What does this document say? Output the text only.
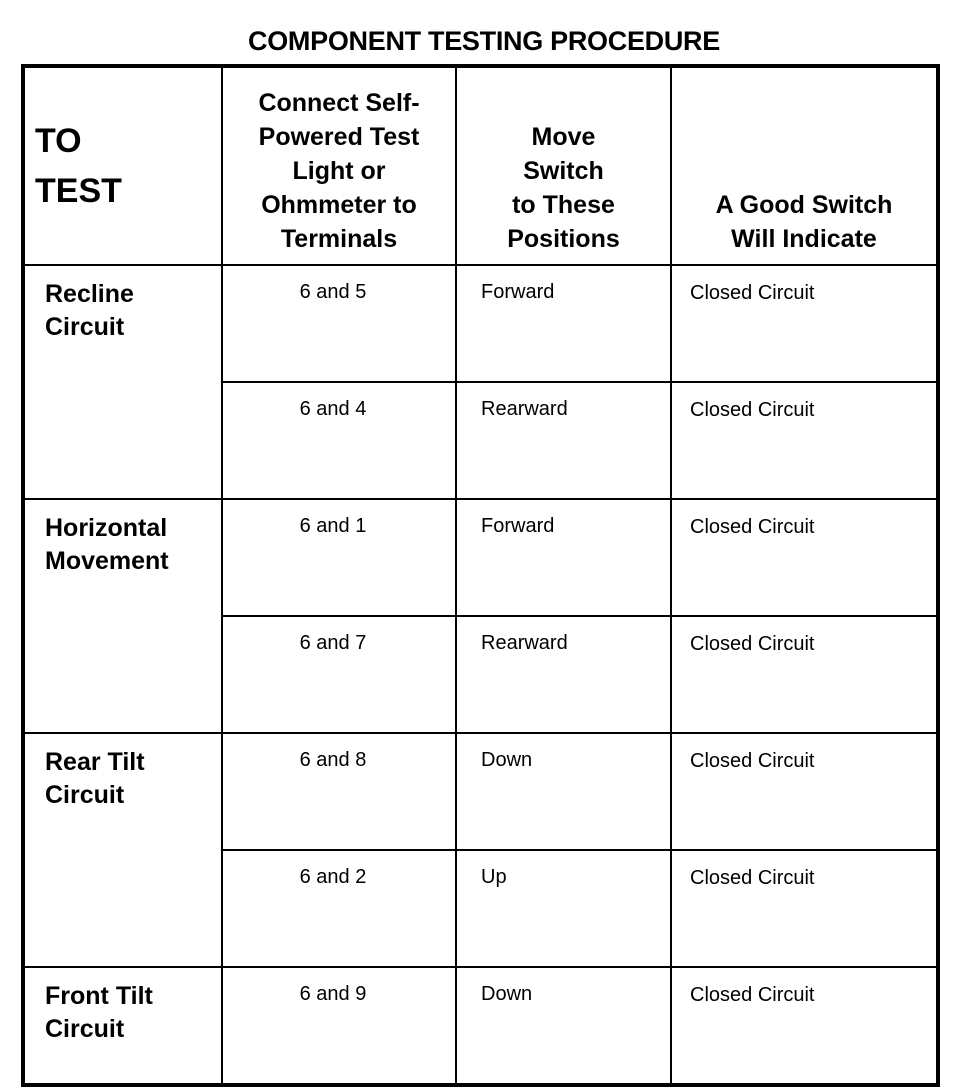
COMPONENT TESTING PROCEDURE
TO TEST	Connect Self-
Powered Test
Light or
Ohmmeter to
Terminals	Move
Switch
to These
Positions	A Good Switch
Will Indicate

Recline
Circuit	6 and 5	Forward	Closed Circuit
	6 and 4	Rearward	Closed Circuit

Horizontal
Movement	6 and 1	Forward	Closed Circuit
	6 and 7	Rearward	Closed Circuit

Rear Tilt
Circuit	6 and 8	Down	Closed Circuit
	6 and 2	Up	Closed Circuit

Front Tilt
Circuit	6 and 9	Down	Closed Circuit
